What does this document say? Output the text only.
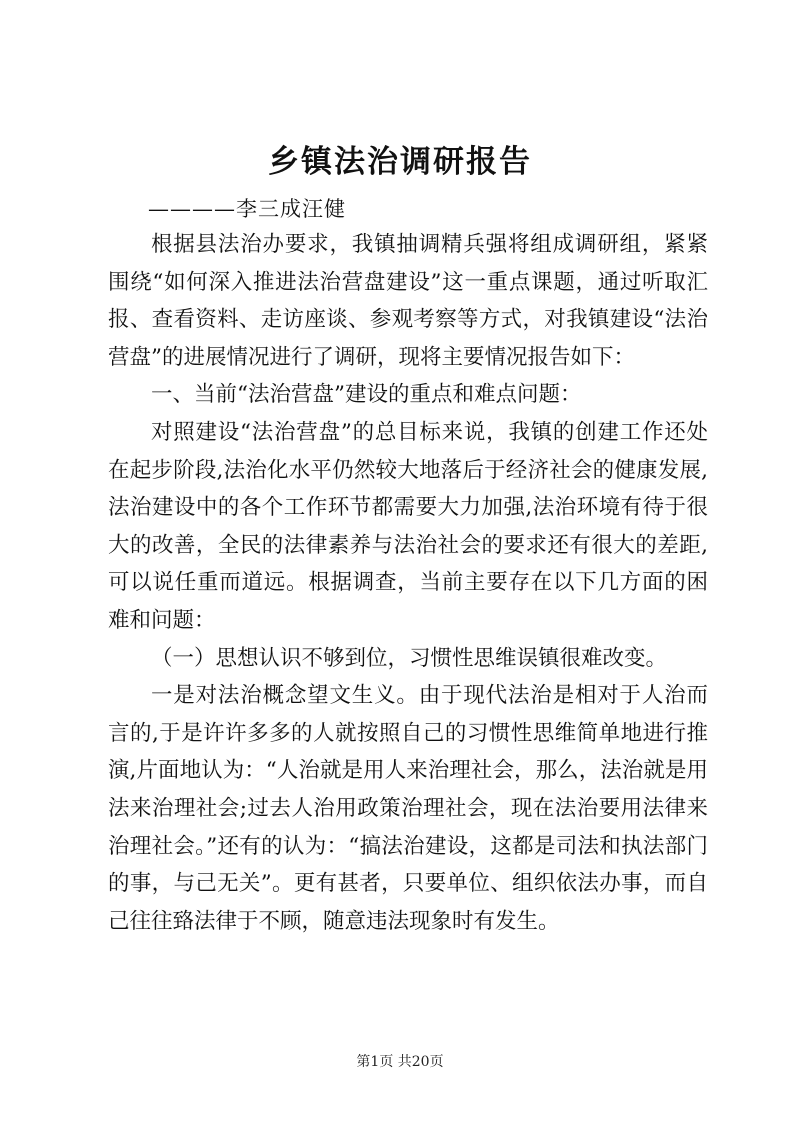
乡镇法治调研报告
————李三成汪健

根据县法治办要求，我镇抽调精兵强将组成调研组，紧紧围绕“如何深入推进法治营盘建设”这一重点课题，通过听取汇报、查看资料、走访座谈、参观考察等方式，对我镇建设“法治营盘”的进展情况进行了调研，现将主要情况报告如下：

一、当前“法治营盘”建设的重点和难点问题：

对照建设“法治营盘”的总目标来说，我镇的创建工作还处在起步阶段,法治化水平仍然较大地落后于经济社会的健康发展,法治建设中的各个工作环节都需要大力加强,法治环境有待于很大的改善，全民的法律素养与法治社会的要求还有很大的差距,可以说任重而道远。根据调查，当前主要存在以下几方面的困难和问题：

（一）思想认识不够到位，习惯性思维误镇很难改变。

一是对法治概念望文生义。由于现代法治是相对于人治而言的,于是许许多多的人就按照自己的习惯性思维简单地进行推演,片面地认为：“人治就是用人来治理社会，那么，法治就是用法来治理社会;过去人治用政策治理社会，现在法治要用法律来治理社会。”还有的认为：“搞法治建设，这都是司法和执法部门的事，与己无关”。更有甚者，只要单位、组织依法办事，而自己往往臵法律于不顾，随意违法现象时有发生。

第1页 共20页
